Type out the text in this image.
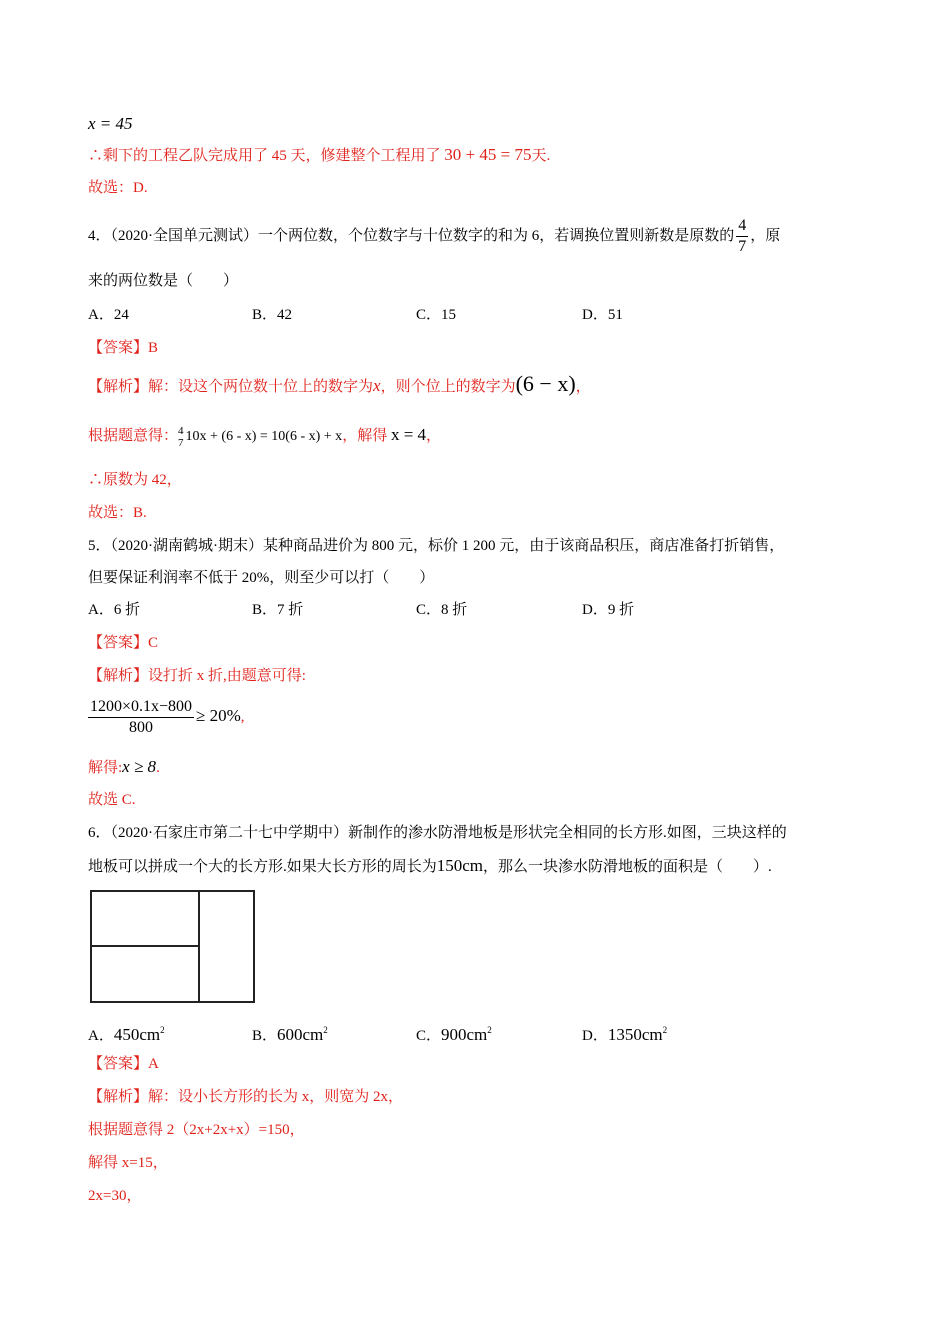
x = 45
∴剩下的工程乙队完成用了 45 天，修建整个工程用了 30 + 45 = 75天.
故选：D.
4．（2020·全国单元测试）一个两位数，个位数字与十位数字的和为 6，若调换位置则新数是原数的 $\frac{4}{7}$ ，原
来的两位数是（　　）
A．24	B．42	C．15	D．51
【答案】B
【解析】解：设这个两位数十位上的数字为x，则个位上的数字为(6 − x)，
根据题意得： 4
7 10x + (6 - x) = 10(6 - x) + x，解得 x = 4，
∴原数为 42，
故选：B.
5．（2020·湖南鹤城·期末）某种商品进价为 800 元，标价 1 200 元，由于该商品积压，商店准备打折销售，
但要保证利润率不低于 20%，则至少可以打（　　）
A．6 折	B．7 折	C．8 折	D．9 折
【答案】C
【解析】设打折 x 折,由题意可得:
$\frac{1200\times 0.1x-800}{800} \ge 20\%$,
解得:x ≥ 8.
故选 C.
6．（2020·石家庄市第二十七中学期中）新制作的渗水防滑地板是形状完全相同的长方形.如图，三块这样的
地板可以拼成一个大的长方形.如果大长方形的周长为150cm，那么一块渗水防滑地板的面积是（　　）.
A．$450cm^2$	B．$600cm^2$	C．$900cm^2$	D．$1350cm^2$
【答案】A
【解析】解：设小长方形的长为 x，则宽为 2x，
根据题意得 2（2x+2x+x）=150，
解得 x=15，
2x=30，
